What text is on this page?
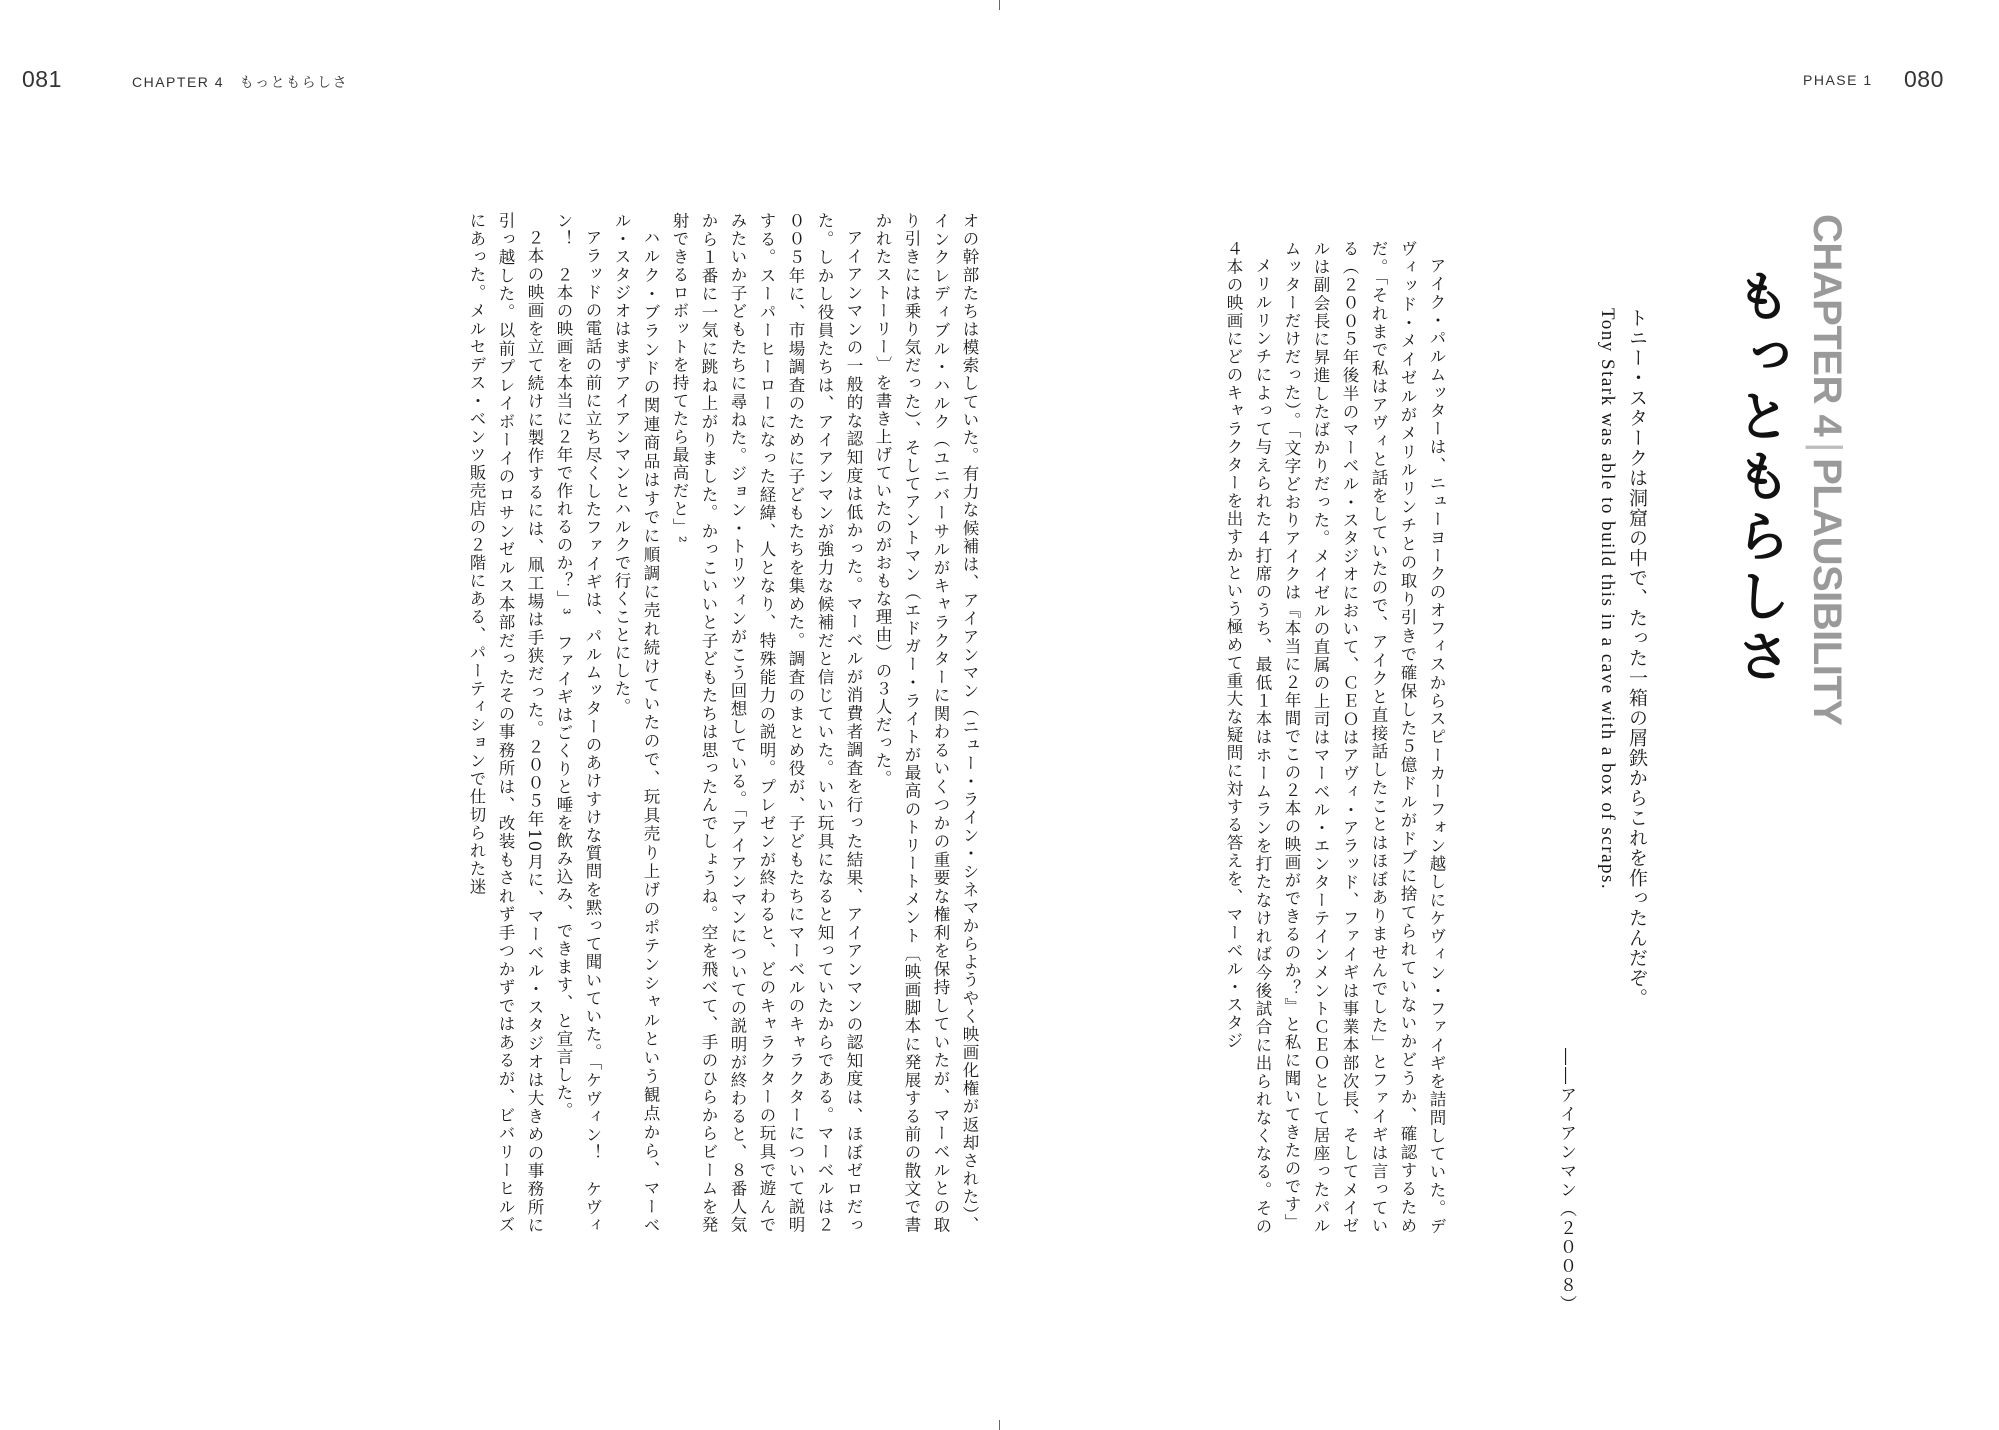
081	CHAPTER 4　もっともらしさ	PHASE 1 080
CHAPTER 4|PLAUSIBILITY
もっともらしさ
トニー・スタークは洞窟の中で、たった一箱の屑鉄からこれを作ったんだぞ。
Tony Stark was able to build this in a cave with a box of scraps.
――アイアンマン（２００８）

アイク・パルムッターは、ニューヨークのオフィスからスピーカーフォン越しにケヴィン・ファイギを詰問していた。デヴィッド・メイゼルがメリルリンチとの取り引きで確保した５億ドルがドブに捨てられていないかどうか、確認するためだ。「それまで私はアヴィと話をしていたので、アイクと直接話したことはほぼありませんでした」とファイギは言っている（２００５年後半のマーベル・スタジオにおいて、ＣＥＯはアヴィ・アラッド、ファイギは事業本部次長、そしてメイゼルは副会長に昇進したばかりだった。メイゼルの直属の上司はマーベル・エンターテインメントＣＥＯとして居座ったパルムッターだけだった）。「文字どおりアイクは『本当に２年間でこの２本の映画ができるのか？』と私に聞いてきたのです」

メリルリンチによって与えられた４打席のうち、最低１本はホームランを打たなければ今後試合に出られなくなる。その４本の映画にどのキャラクターを出すかという極めて重大な疑問に対する答えを、マーベル・スタジ

オの幹部たちは模索していた。有力な候補は、アイアンマン（ニュー・ライン・シネマからようやく映画化権が返却された）、インクレディブル・ハルク（ユニバーサルがキャラクターに関わるいくつかの重要な権利を保持していたが、マーベルとの取り引きには乗り気だった）、そしてアントマン（エドガー・ライトが最高のトリートメント〔映画脚本に発展する前の散文で書かれたストーリー〕を書き上げていたのがおもな理由）の３人だった。

アイアンマンの一般的な認知度は低かった。マーベルが消費者調査を行った結果、アイアンマンの認知度は、ほぼゼロだった。しかし役員たちは、アイアンマンが強力な候補だと信じていた。いい玩具になると知っていたからである。マーベルは２００５年に、市場調査のために子どもたちを集めた。調査のまとめ役が、子どもたちにマーベルのキャラクターについて説明する。スーパーヒーローになった経緯、人となり、特殊能力の説明。プレゼンが終わると、どのキャラクターの玩具で遊んでみたいか子どもたちに尋ねた。ジョン・トリツィンがこう回想している。「アイアンマンについての説明が終わると、８番人気から１番に一気に跳ね上がりました。かっこいいと子どもたちは思ったんでしょうね。空を飛べて、手のひらからビームを発射できるロボットを持てたら最高だと」²

ハルク・ブランドの関連商品はすでに順調に売れ続けていたので、玩具売り上げのポテンシャルという観点から、マーベル・スタジオはまずアイアンマンとハルクで行くことにした。

アラッドの電話の前に立ち尽くしたファイギは、パルムッターのあけすけな質問を黙って聞いていた。「ケヴィン！　ケヴィン！　２本の映画を本当に２年で作れるのか？」³　ファイギはごくりと唾を飲み込み、できます、と宣言した。

２本の映画を立て続けに製作するには、凧工場は手狭だった。２００５年10月に、マーベル・スタジオは大きめの事務所に引っ越した。以前プレイボーイのロサンゼルス本部だったその事務所は、改装もされず手つかずではあるが、ビバリーヒルズにあった。メルセデス・ベンツ販売店の２階にある、パーティションで仕切られた迷
